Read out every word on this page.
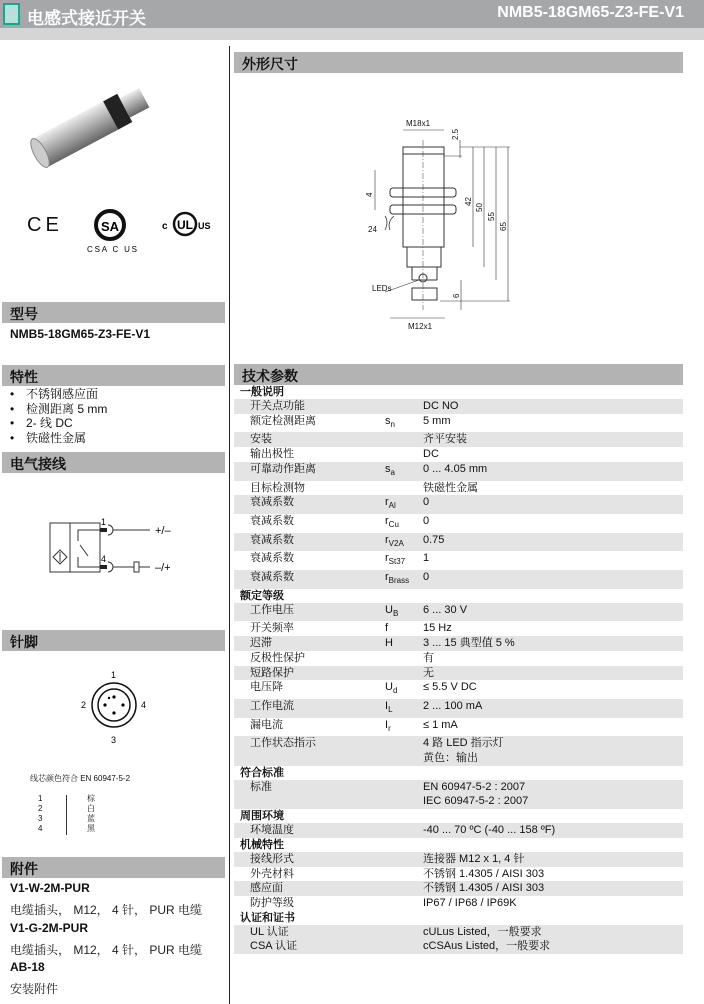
电感式接近开关	NMB5-18GM65-Z3-FE-V1
C E	SA
CSA C US
c UL US
型号
NMB5-18GM65-Z3-FE-V1
特性
• 不锈钢感应面
• 检测距离 5 mm
• 2- 线 DC
• 铁磁性金属
电气接线
1
4
+/–
–/+
针脚
1
2
3
4
线芯颜色符合 EN 60947-5-2
1	棕
2	白
3	蓝
4	黑
附件
V1-W-2M-PUR
电缆插头， M12， 4 针， PUR 电缆
V1-G-2M-PUR
电缆插头， M12， 4 针， PUR 电缆
AB-18
安装附件
外形尺寸
M18x1
2.5
4
42
50
55
65
24
LEDs
6
M12x1
技术参数
一般说明
开关点功能	DC NO
额定检测距离	$s_n$	5 mm
安装	齐平安装
输出极性	DC
可靠动作距离	$s_a$	0 ... 4.05 mm
目标检测物	铁磁性金属
衰减系数	$r_{Al}$	0
衰减系数	$r_{Cu}$	0
衰减系数	$r_{V2A}$	0.75
衰减系数	$r_{St37}$	1
衰减系数	$r_{Brass}$	0
额定等级
工作电压	$U_B$	6 ... 30 V
开关频率	f	15 Hz
迟滞	H	3 ... 15 典型值 5 %
反极性保护	有
短路保护	无
电压降	$U_d$	≤ 5.5 V DC
工作电流	$I_L$	2 ... 100 mA
漏电流	$I_r$	≤ 1 mA
工作状态指示	4 路 LED 指示灯
黄色：输出
符合标准
标准	EN 60947-5-2 : 2007
IEC 60947-5-2 : 2007
周围环境
环境温度	-40 ... 70 ºC (-40 ... 158 ºF)
机械特性
接线形式	连接器 M12 x 1, 4 针
外壳材料	不锈钢 1.4305 / AISI 303
感应面	不锈钢 1.4305 / AISI 303
防护等级	IP67 / IP68 / IP69K
认证和证书
UL 认证	cULus Listed，一般要求
CSA 认证	cCSAus Listed，一般要求
